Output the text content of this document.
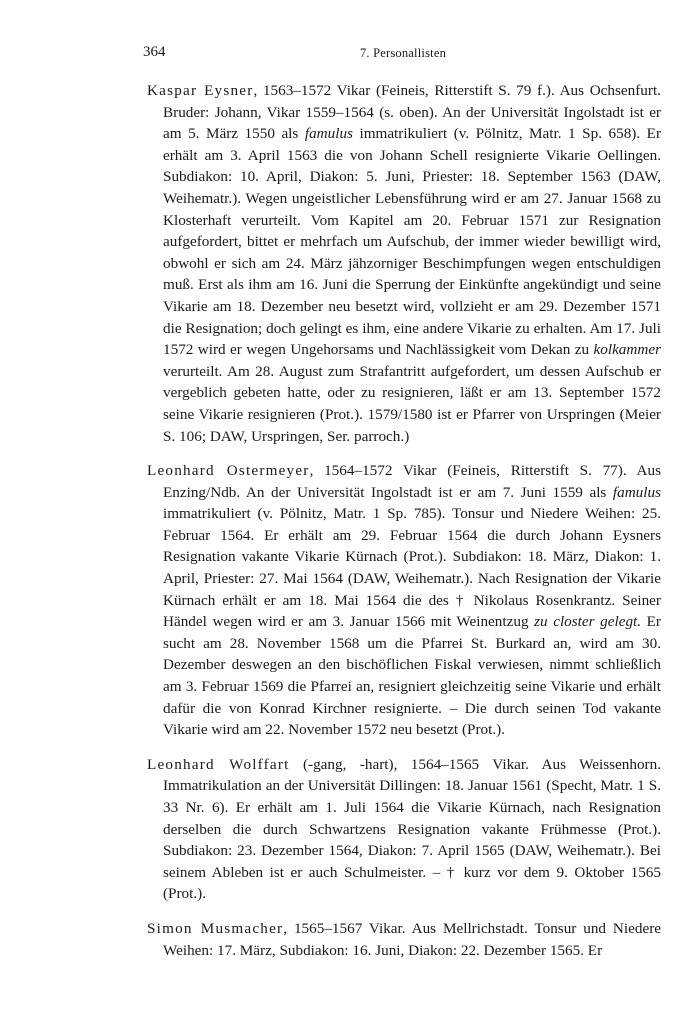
364	7. Personallisten

Kaspar Eysner, 1563–1572 Vikar (Feineis, Ritterstift S. 79 f.). Aus Ochsenfurt. Bruder: Johann, Vikar 1559–1564 (s. oben). An der Universität Ingolstadt ist er am 5. März 1550 als famulus immatrikuliert (v. Pölnitz, Matr. 1 Sp. 658). Er erhält am 3. April 1563 die von Johann Schell resignierte Vikarie Oellingen. Subdiakon: 10. April, Diakon: 5. Juni, Priester: 18. September 1563 (DAW, Weihematr.). Wegen ungeistlicher Lebensführung wird er am 27. Januar 1568 zu Klosterhaft verurteilt. Vom Kapitel am 20. Februar 1571 zur Resignation aufgefordert, bittet er mehrfach um Aufschub, der immer wieder bewilligt wird, obwohl er sich am 24. März jähzorniger Beschimpfungen wegen entschuldigen muß. Erst als ihm am 16. Juni die Sperrung der Einkünfte angekündigt und seine Vikarie am 18. Dezember neu besetzt wird, vollzieht er am 29. Dezember 1571 die Resignation; doch gelingt es ihm, eine andere Vikarie zu erhalten. Am 17. Juli 1572 wird er wegen Ungehorsams und Nachlässigkeit vom Dekan zu kolkammer verurteilt. Am 28. August zum Strafantritt aufgefordert, um dessen Aufschub er vergeblich gebeten hatte, oder zu resignieren, läßt er am 13. September 1572 seine Vikarie resignieren (Prot.). 1579/1580 ist er Pfarrer von Urspringen (Meier S. 106; DAW, Urspringen, Ser. parroch.)

Leonhard Ostermeyer, 1564–1572 Vikar (Feineis, Ritterstift S. 77). Aus Enzing/Ndb. An der Universität Ingolstadt ist er am 7. Juni 1559 als famulus immatrikuliert (v. Pölnitz, Matr. 1 Sp. 785). Tonsur und Niedere Weihen: 25. Februar 1564. Er erhält am 29. Februar 1564 die durch Johann Eysners Resignation vakante Vikarie Kürnach (Prot.). Subdiakon: 18. März, Diakon: 1. April, Priester: 27. Mai 1564 (DAW, Weihematr.). Nach Resignation der Vikarie Kürnach erhält er am 18. Mai 1564 die des † Nikolaus Rosenkrantz. Seiner Händel wegen wird er am 3. Januar 1566 mit Weinentzug zu closter gelegt. Er sucht am 28. November 1568 um die Pfarrei St. Burkard an, wird am 30. Dezember deswegen an den bischöflichen Fiskal verwiesen, nimmt schließlich am 3. Februar 1569 die Pfarrei an, resigniert gleichzeitig seine Vikarie und erhält dafür die von Konrad Kirchner resignierte. – Die durch seinen Tod vakante Vikarie wird am 22. November 1572 neu besetzt (Prot.).

Leonhard Wolffart (-gang, -hart), 1564–1565 Vikar. Aus Weissenhorn. Immatrikulation an der Universität Dillingen: 18. Januar 1561 (Specht, Matr. 1 S. 33 Nr. 6). Er erhält am 1. Juli 1564 die Vikarie Kürnach, nach Resignation derselben die durch Schwartzens Resignation vakante Frühmesse (Prot.). Subdiakon: 23. Dezember 1564, Diakon: 7. April 1565 (DAW, Weihematr.). Bei seinem Ableben ist er auch Schulmeister. – † kurz vor dem 9. Oktober 1565 (Prot.).

Simon Musmacher, 1565–1567 Vikar. Aus Mellrichstadt. Tonsur und Niedere Weihen: 17. März, Subdiakon: 16. Juni, Diakon: 22. Dezember 1565. Er
